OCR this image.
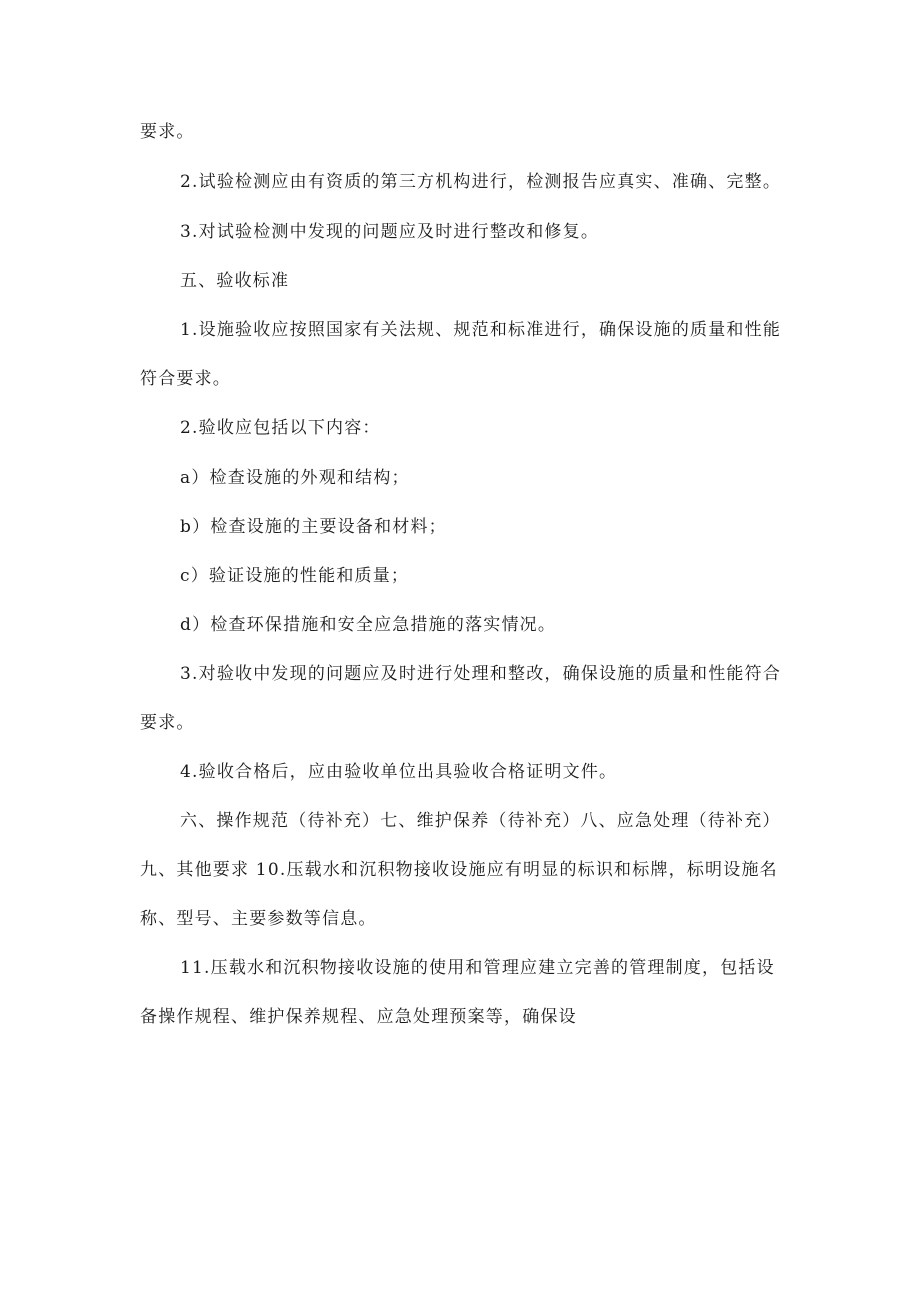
要求。

2.试验检测应由有资质的第三方机构进行，检测报告应真实、准确、完整。

3.对试验检测中发现的问题应及时进行整改和修复。

五、验收标准

1.设施验收应按照国家有关法规、规范和标准进行，确保设施的质量和性能

符合要求。

2.验收应包括以下内容：

a）检查设施的外观和结构；

b）检查设施的主要设备和材料；

c）验证设施的性能和质量；

d）检查环保措施和安全应急措施的落实情况。

3.对验收中发现的问题应及时进行处理和整改，确保设施的质量和性能符合

要求。

4.验收合格后，应由验收单位出具验收合格证明文件。

六、操作规范（待补充）七、维护保养（待补充）八、应急处理（待补充）

九、其他要求 10.压载水和沉积物接收设施应有明显的标识和标牌，标明设施名

称、型号、主要参数等信息。

11.压载水和沉积物接收设施的使用和管理应建立完善的管理制度，包括设

备操作规程、维护保养规程、应急处理预案等，确保设
